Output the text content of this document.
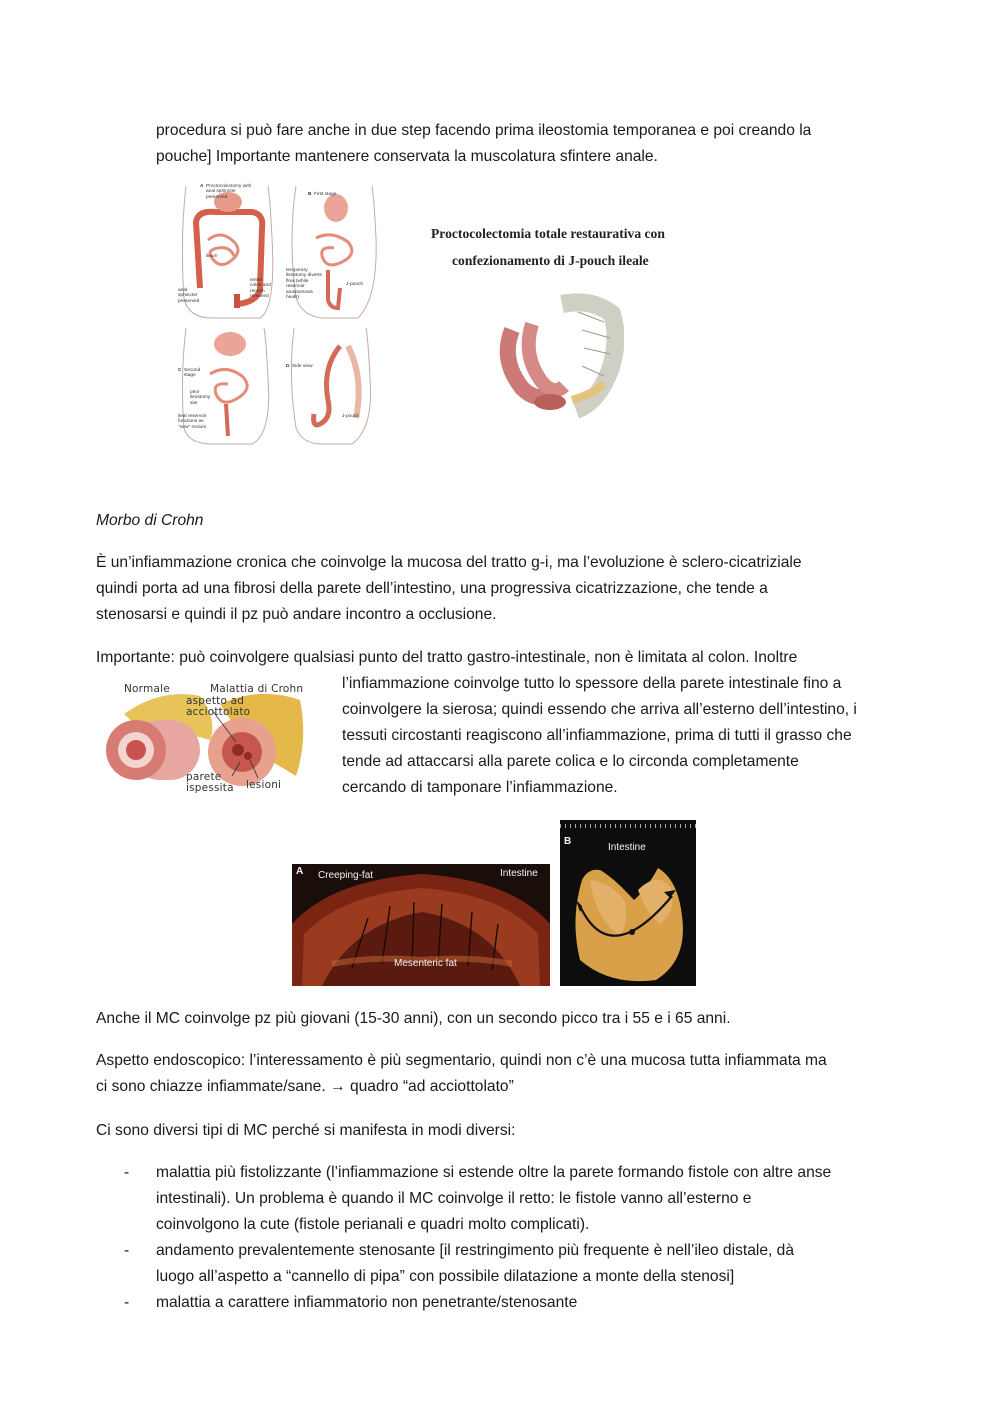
procedura si può fare anche in due step facendo prima ileostomia temporanea e poi creando la

pouche] Importante mantenere conservata la muscolatura sfintere anale.

A Proctocolectomy with anal sphincter preserved
ileum
entire colon and rectum removed
anal sphincter preserved
B First stage
temporary ileostomy diverts flow (while reservoir anastomosis heals)
J-pouch
C Second stage
prior ileostomy site
ileal reservoir functions as "new" rectum
D Side view
J-pouch
Proctocolectomia totale restaurativa con
confezionamento di J-pouch ileale

Morbo di Crohn

È un’infiammazione cronica che coinvolge la mucosa del tratto g-i, ma l’evoluzione è sclero-cicatriziale

quindi porta ad una fibrosi della parete dell’intestino, una progressiva cicatrizzazione, che tende a

stenosarsi e quindi il pz può andare incontro a occlusione.

Importante: può coinvolgere qualsiasi punto del tratto gastro-intestinale, non è limitata al colon. Inoltre

l’infiammazione coinvolge tutto lo spessore della parete intestinale fino a

coinvolgere la sierosa; quindi essendo che arriva all’esterno dell’intestino, i

tessuti circostanti reagiscono all’infiammazione, prima di tutti il grasso che

tende ad attaccarsi alla parete colica e lo circonda completamente

cercando di tamponare l’infiammazione.

Normale	Malattia di Crohn
aspetto ad acciottolato
parete ispessita lesioni
A Creeping-fat	Intestine
Mesenteric fat
B
Intestine

Anche il MC coinvolge pz più giovani (15-30 anni), con un secondo picco tra i 55 e i 65 anni.

Aspetto endoscopico: l’interessamento è più segmentario, quindi non c’è una mucosa tutta infiammata ma

ci sono chiazze infiammate/sane. → quadro “ad acciottolato”

Ci sono diversi tipi di MC perché si manifesta in modi diversi:

- malattia più fistolizzante (l’infiammazione si estende oltre la parete formando fistole con altre anse
intestinali). Un problema è quando il MC coinvolge il retto: le fistole vanno all’esterno e
coinvolgono la cute (fistole perianali e quadri molto complicati).
- andamento prevalentemente stenosante [il restringimento più frequente è nell’ileo distale, dà
luogo all’aspetto a “cannello di pipa” con possibile dilatazione a monte della stenosi]
- malattia a carattere infiammatorio non penetrante/stenosante
